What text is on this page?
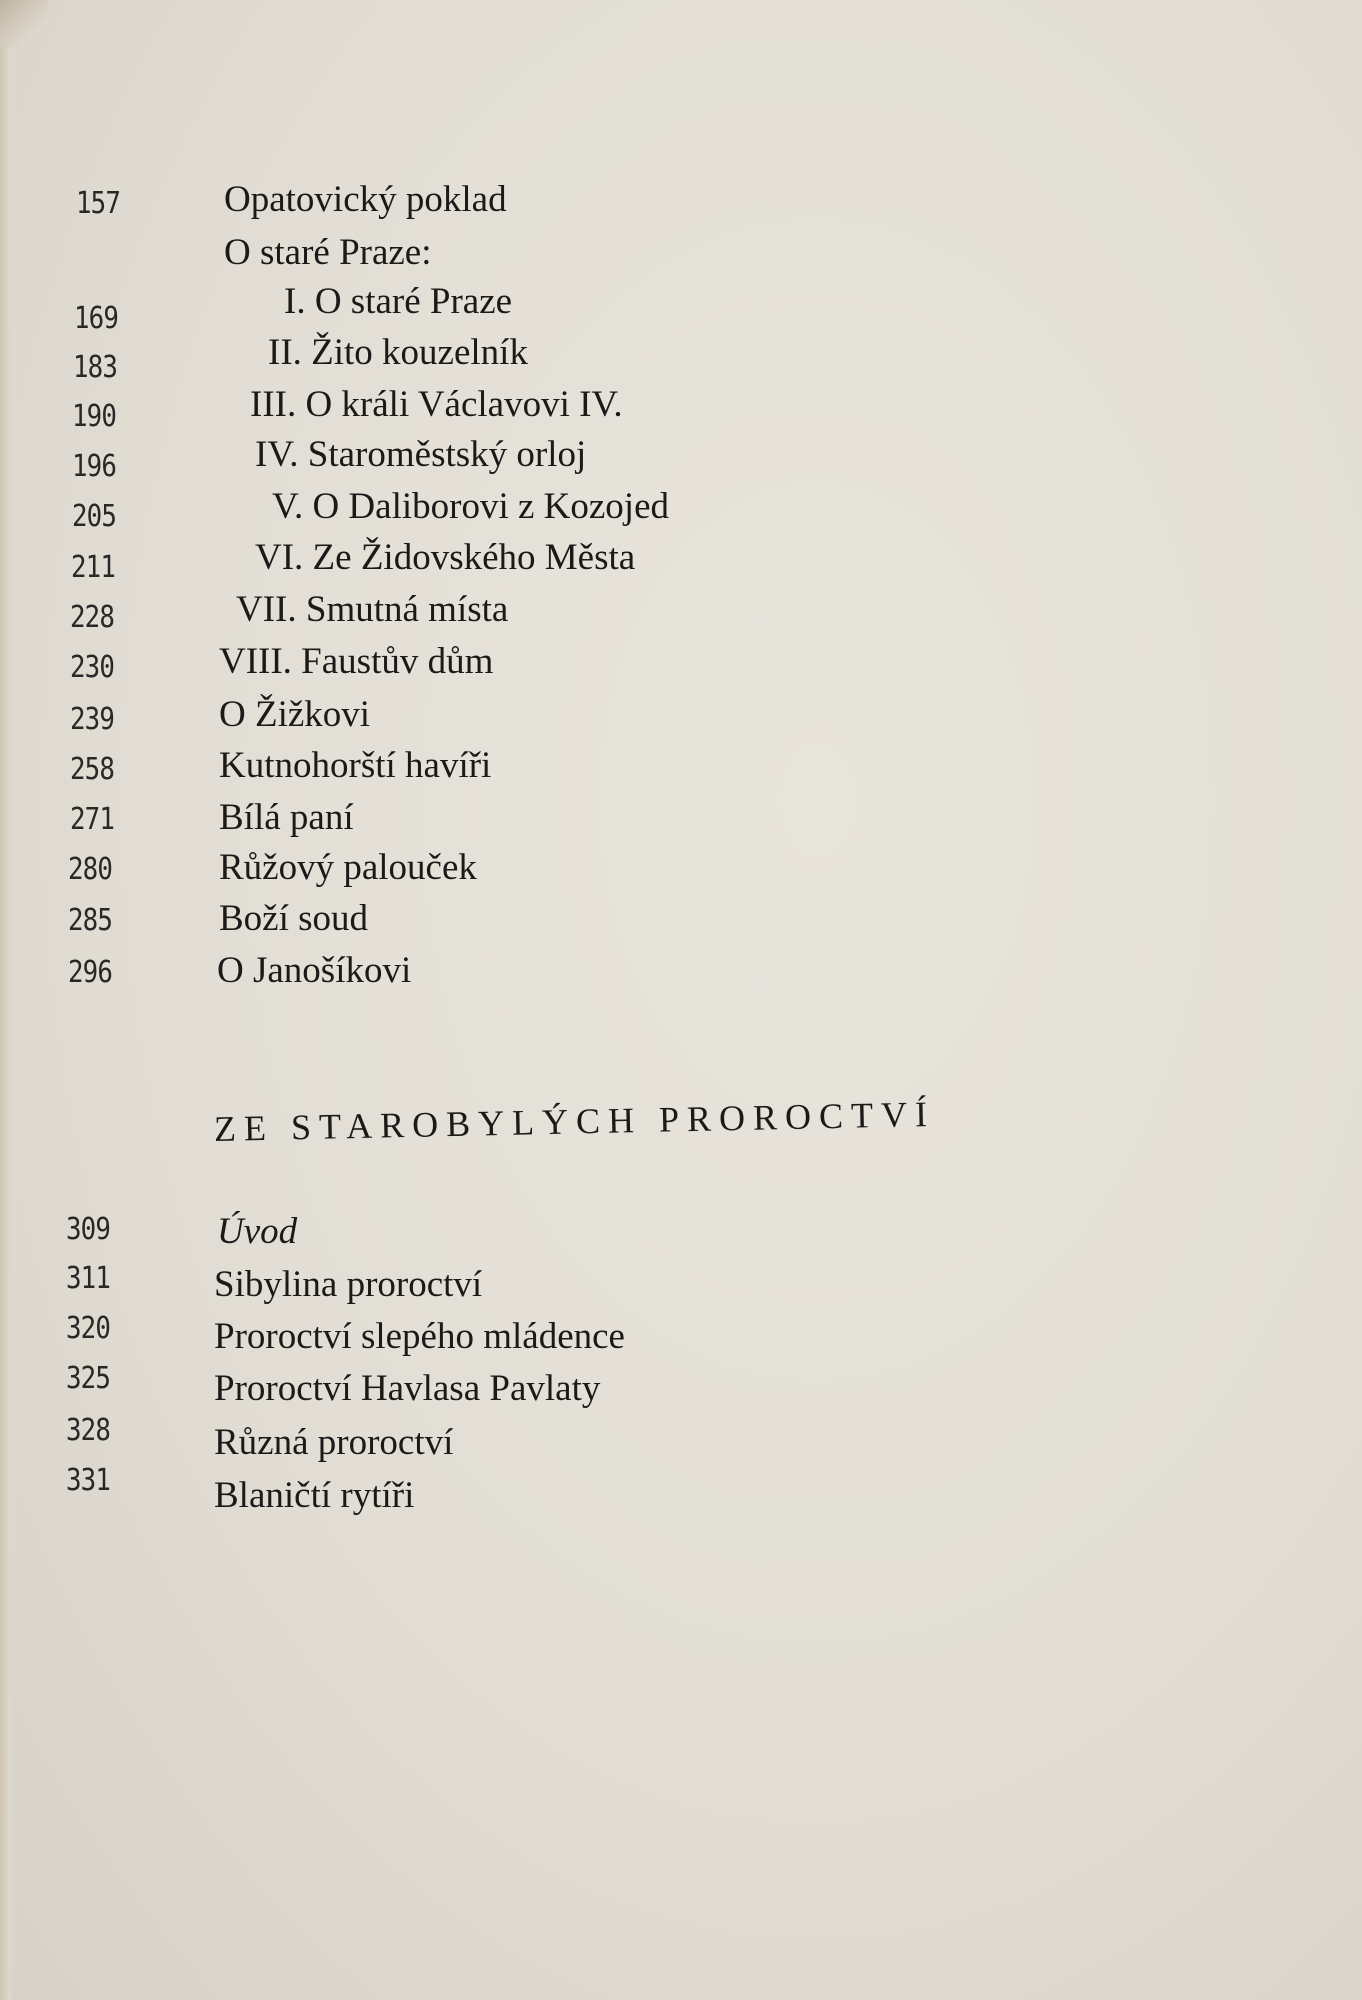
157	Opatovický poklad
O staré Praze:
169	I. O staré Praze
183	II. Žito kouzelník
190	III. O králi Václavovi IV.
196	IV. Staroměstský orloj
205	V. O Daliborovi z Kozojed
211	VI. Ze Židovského Města
228	VII. Smutná místa
230	VIII. Faustův dům
239	O Žižkovi
258	Kutnohorští havíři
271	Bílá paní
280	Růžový palouček
285	Boží soud
296	O Janošíkovi
ZE STAROBYLÝCH PROROCTVÍ
309	Úvod
311	Sibylina proroctví
320	Proroctví slepého mládence
325	Proroctví Havlasa Pavlaty
328	Různá proroctví
331	Blaničtí rytíři
